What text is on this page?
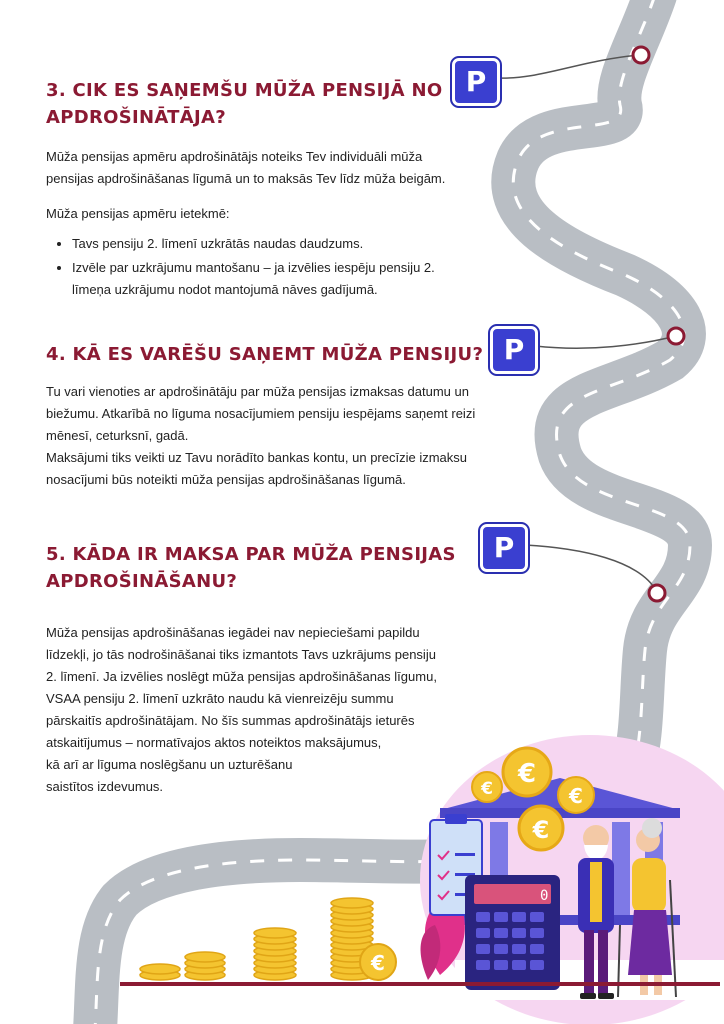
0
€
€	€
€
€
P
P
P
3. CIK ES SAŅEMŠU MŪŽA PENSIJĀ NO
APDROŠINĀTĀJA?

Mūža pensijas apmēru apdrošinātājs noteiks Tev individuāli mūža
pensijas apdrošināšanas līgumā un to maksās Tev līdz mūža beigām.

Mūža pensijas apmēru ietekmē:

• Tavs pensiju 2. līmenī uzkrātās naudas daudzums.
• Izvēle par uzkrājumu mantošanu – ja izvēlies iespēju pensiju 2.
līmeņa uzkrājumu nodot mantojumā nāves gadījumā.
4. KĀ ES VARĒŠU SAŅEMT MŪŽA PENSIJU?

Tu vari vienoties ar apdrošinātāju par mūža pensijas izmaksas datumu un
biežumu. Atkarībā no līguma nosacījumiem pensiju iespējams saņemt reizi
mēnesī, ceturksnī, gadā.
Maksājumi tiks veikti uz Tavu norādīto bankas kontu, un precīzie izmaksu
nosacījumi būs noteikti mūža pensijas apdrošināšanas līgumā.

5. KĀDA IR MAKSA PAR MŪŽA PENSIJAS
APDROŠINĀŠANU?

Mūža pensijas apdrošināšanas iegādei nav nepieciešami papildu
līdzekļi, jo tās nodrošināšanai tiks izmantots Tavs uzkrājums pensiju
2. līmenī. Ja izvēlies noslēgt mūža pensijas apdrošināšanas līgumu,
VSAA pensiju 2. līmenī uzkrāto naudu kā vienreizēju summu
pārskaitīs apdrošinātājam. No šīs summas apdrošinātājs ieturēs
atskaitījumus – normatīvajos aktos noteiktos maksājumus,
kā arī ar līguma noslēgšanu un uzturēšanu
saistītos izdevumus.
